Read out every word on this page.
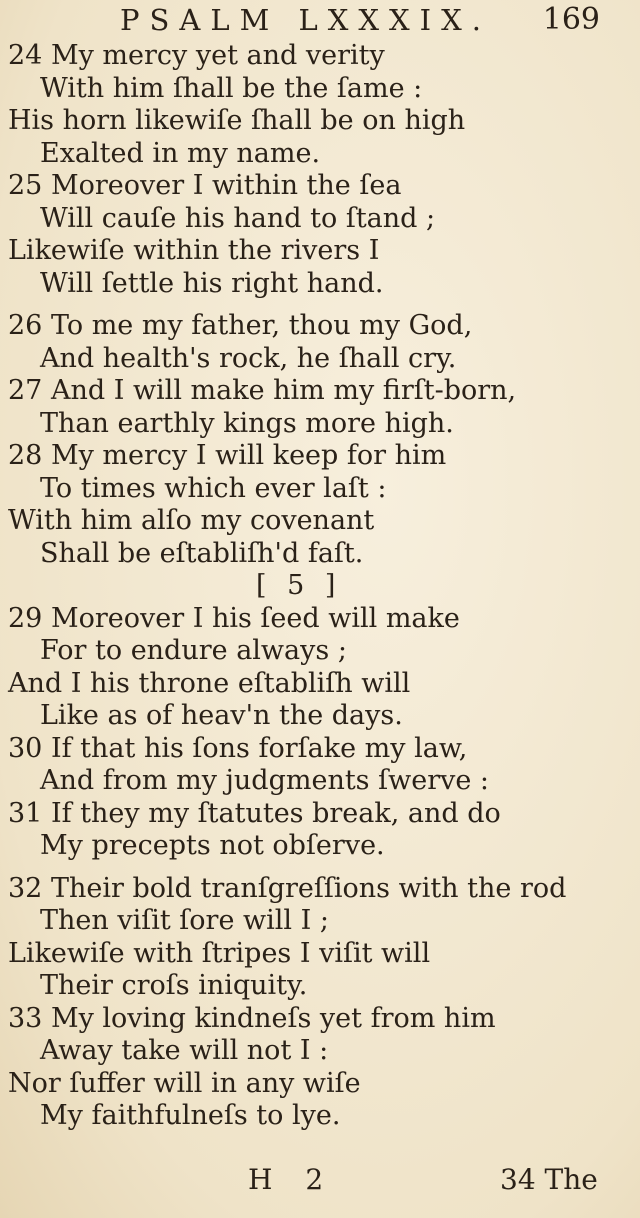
PSALM LXXXIX. 169
24 My mercy yet and verity
With him ſhall be the ſame :
His horn likewiſe ſhall be on high
Exalted in my name.
25 Moreover I within the ſea
Will cauſe his hand to ſtand ;
Likewiſe within the rivers I
Will ſettle his right hand.
26 To me my father, thou my God,
And health's rock, he ſhall cry.
27 And I will make him my firſt-born,
Than earthly kings more high.
28 My mercy I will keep for him
To times which ever laſt :
With him alſo my covenant
Shall be eſtabliſh'd faſt.
[ 5 ]
29 Moreover I his ſeed will make
For to endure always ;
And I his throne eſtabliſh will
Like as of heav'n the days.
30 If that his ſons forſake my law,
And from my judgments ſwerve :
31 If they my ſtatutes break, and do
My precepts not obſerve.
32 Their bold tranſgreſſions with the rod
Then viſit ſore will I ;
Likewiſe with ſtripes I viſit will
Their croſs iniquity.
33 My loving kindneſs yet from him
Away take will not I :
Nor ſuffer will in any wiſe
My faithfulneſs to lye.
H 2	34 The
